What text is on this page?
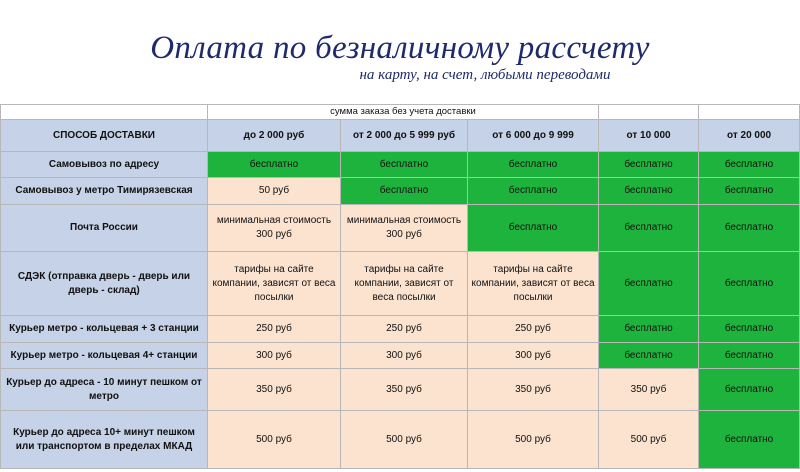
Оплата по безналичному рассчету
на карту, на счет, любыми переводами
	сумма заказа без учета доставки				
СПОСОБ ДОСТАВКИ	до 2 000 руб	от 2 000 до 5 999 руб	от 6 000 до 9 999	от 10 000	от 20 000
Самовывоз по адресу	бесплатно	бесплатно	бесплатно	бесплатно	бесплатно
Самовывоз у метро Тимирязевская	50 руб	бесплатно	бесплатно	бесплатно	бесплатно
Почта России	минимальная стоимость 300 руб	минимальная стоимость 300 руб	бесплатно	бесплатно	бесплатно
СДЭК (отправка дверь - дверь или дверь - склад)	тарифы на сайте компании, зависят от веса посылки	тарифы на сайте компании, зависят от веса посылки	тарифы на сайте компании, зависят от веса посылки	бесплатно	бесплатно
Курьер метро - кольцевая + 3 станции	250 руб	250 руб	250 руб	бесплатно	бесплатно
Курьер метро - кольцевая 4+ станции	300 руб	300 руб	300 руб	бесплатно	бесплатно
Курьер до адреса - 10 минут пешком от метро	350 руб	350 руб	350 руб	350 руб	бесплатно
Курьер до адреса 10+ минут пешком или транспортом в пределах МКАД	500 руб	500 руб	500 руб	500 руб	бесплатно
